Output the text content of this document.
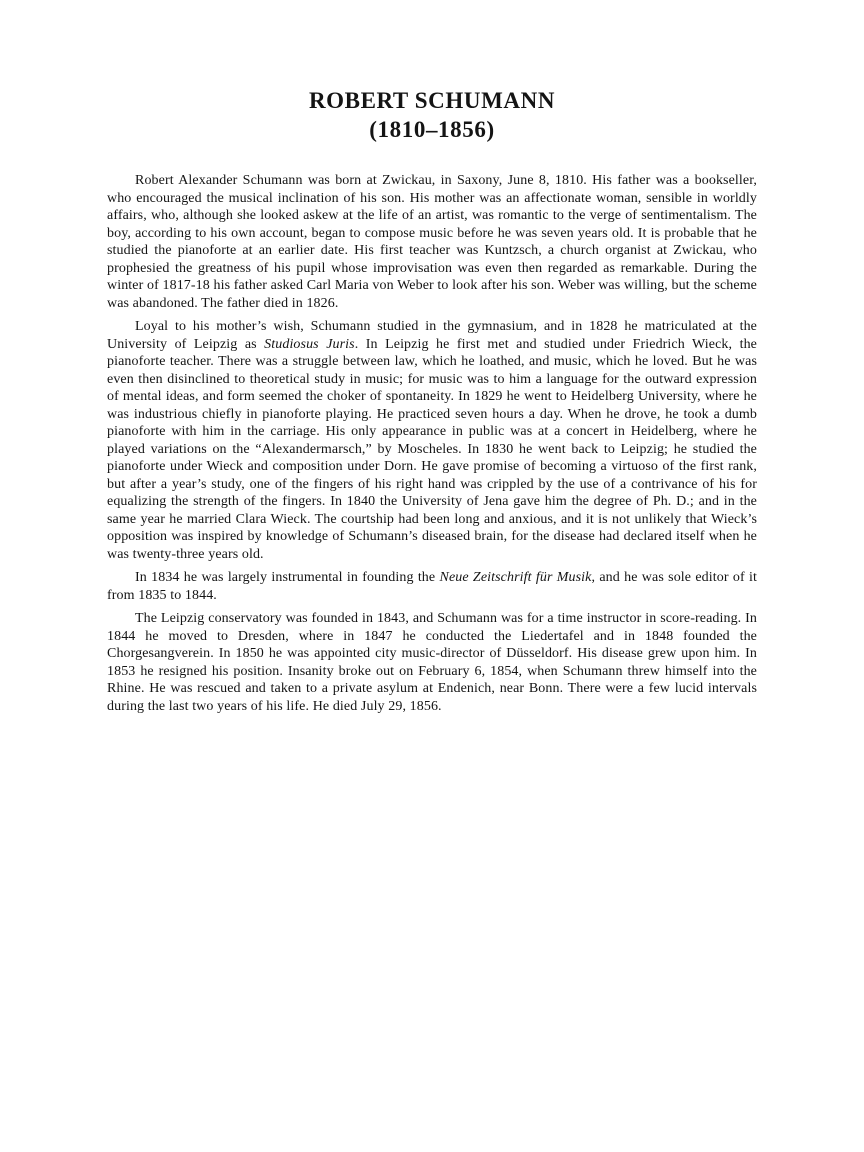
ROBERT SCHUMANN
(1810–1856)

Robert Alexander Schumann was born at Zwickau, in Saxony, June 8, 1810. His father was a bookseller, who encouraged the musical inclination of his son. His mother was an affectionate woman, sensible in worldly affairs, who, although she looked askew at the life of an artist, was romantic to the verge of sentimentalism. The boy, according to his own account, began to compose music before he was seven years old. It is probable that he studied the pianoforte at an earlier date. His first teacher was Kuntzsch, a church organist at Zwickau, who prophesied the greatness of his pupil whose improvisation was even then regarded as remarkable. During the winter of 1817-18 his father asked Carl Maria von Weber to look after his son. Weber was willing, but the scheme was abandoned. The father died in 1826.

Loyal to his mother’s wish, Schumann studied in the gymnasium, and in 1828 he matriculated at the University of Leipzig as Studiosus Juris. In Leipzig he first met and studied under Friedrich Wieck, the pianoforte teacher. There was a struggle between law, which he loathed, and music, which he loved. But he was even then disinclined to theoretical study in music; for music was to him a language for the outward expression of mental ideas, and form seemed the choker of spontaneity. In 1829 he went to Heidelberg University, where he was industrious chiefly in pianoforte playing. He practiced seven hours a day. When he drove, he took a dumb pianoforte with him in the carriage. His only appearance in public was at a concert in Heidelberg, where he played variations on the “Alexandermarsch,” by Moscheles. In 1830 he went back to Leipzig; he studied the pianoforte under Wieck and composition under Dorn. He gave promise of becoming a virtuoso of the first rank, but after a year’s study, one of the fingers of his right hand was crippled by the use of a contrivance of his for equalizing the strength of the fingers. In 1840 the University of Jena gave him the degree of Ph. D.; and in the same year he married Clara Wieck. The courtship had been long and anxious, and it is not unlikely that Wieck’s opposition was inspired by knowledge of Schumann’s diseased brain, for the disease had declared itself when he was twenty-three years old.

In 1834 he was largely instrumental in founding the Neue Zeitschrift für Musik, and he was sole editor of it from 1835 to 1844.

The Leipzig conservatory was founded in 1843, and Schumann was for a time instructor in score-reading. In 1844 he moved to Dresden, where in 1847 he conducted the Liedertafel and in 1848 founded the Chorgesangverein. In 1850 he was appointed city music-director of Düsseldorf. His disease grew upon him. In 1853 he resigned his position. Insanity broke out on February 6, 1854, when Schumann threw himself into the Rhine. He was rescued and taken to a private asylum at Endenich, near Bonn. There were a few lucid intervals during the last two years of his life. He died July 29, 1856.
